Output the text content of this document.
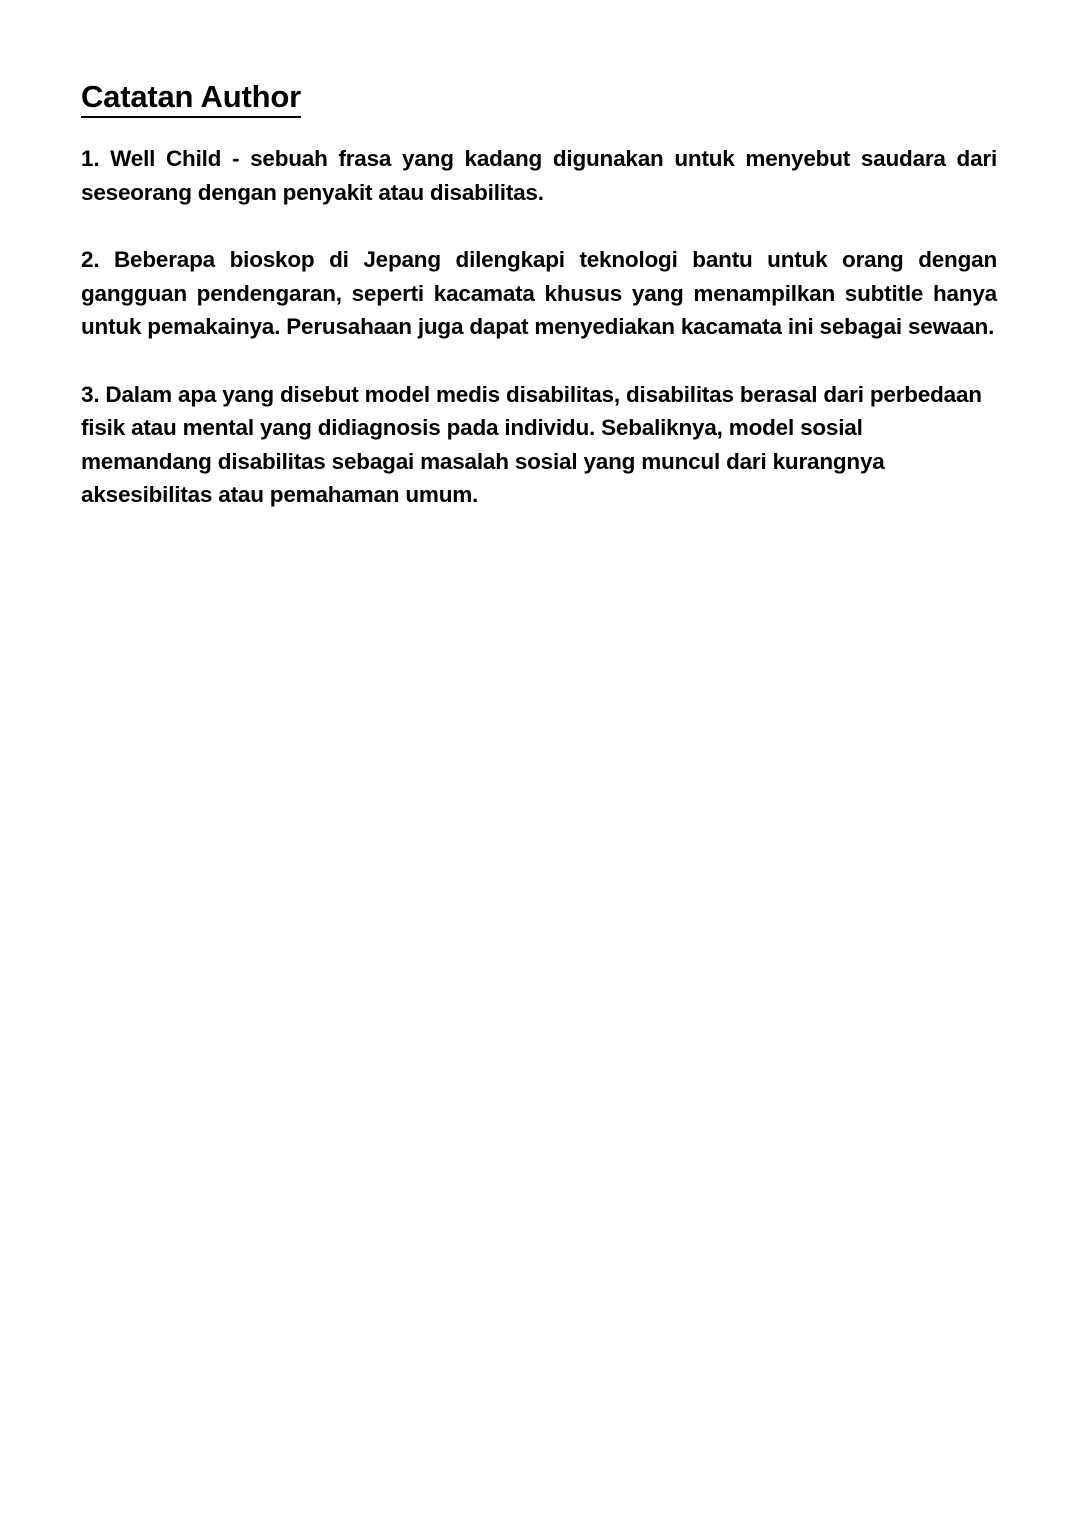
Catatan Author

1. Well Child - sebuah frasa yang kadang digunakan untuk menyebut saudara dari seseorang dengan penyakit atau disabilitas.

2. Beberapa bioskop di Jepang dilengkapi teknologi bantu untuk orang dengan gangguan pendengaran, seperti kacamata khusus yang menampilkan subtitle hanya untuk pemakainya. Perusahaan juga dapat menyediakan kacamata ini sebagai sewaan.

3. Dalam apa yang disebut model medis disabilitas, disabilitas berasal dari perbedaan fisik atau mental yang didiagnosis pada individu. Sebaliknya, model sosial memandang disabilitas sebagai masalah sosial yang muncul dari kurangnya aksesibilitas atau pemahaman umum.
